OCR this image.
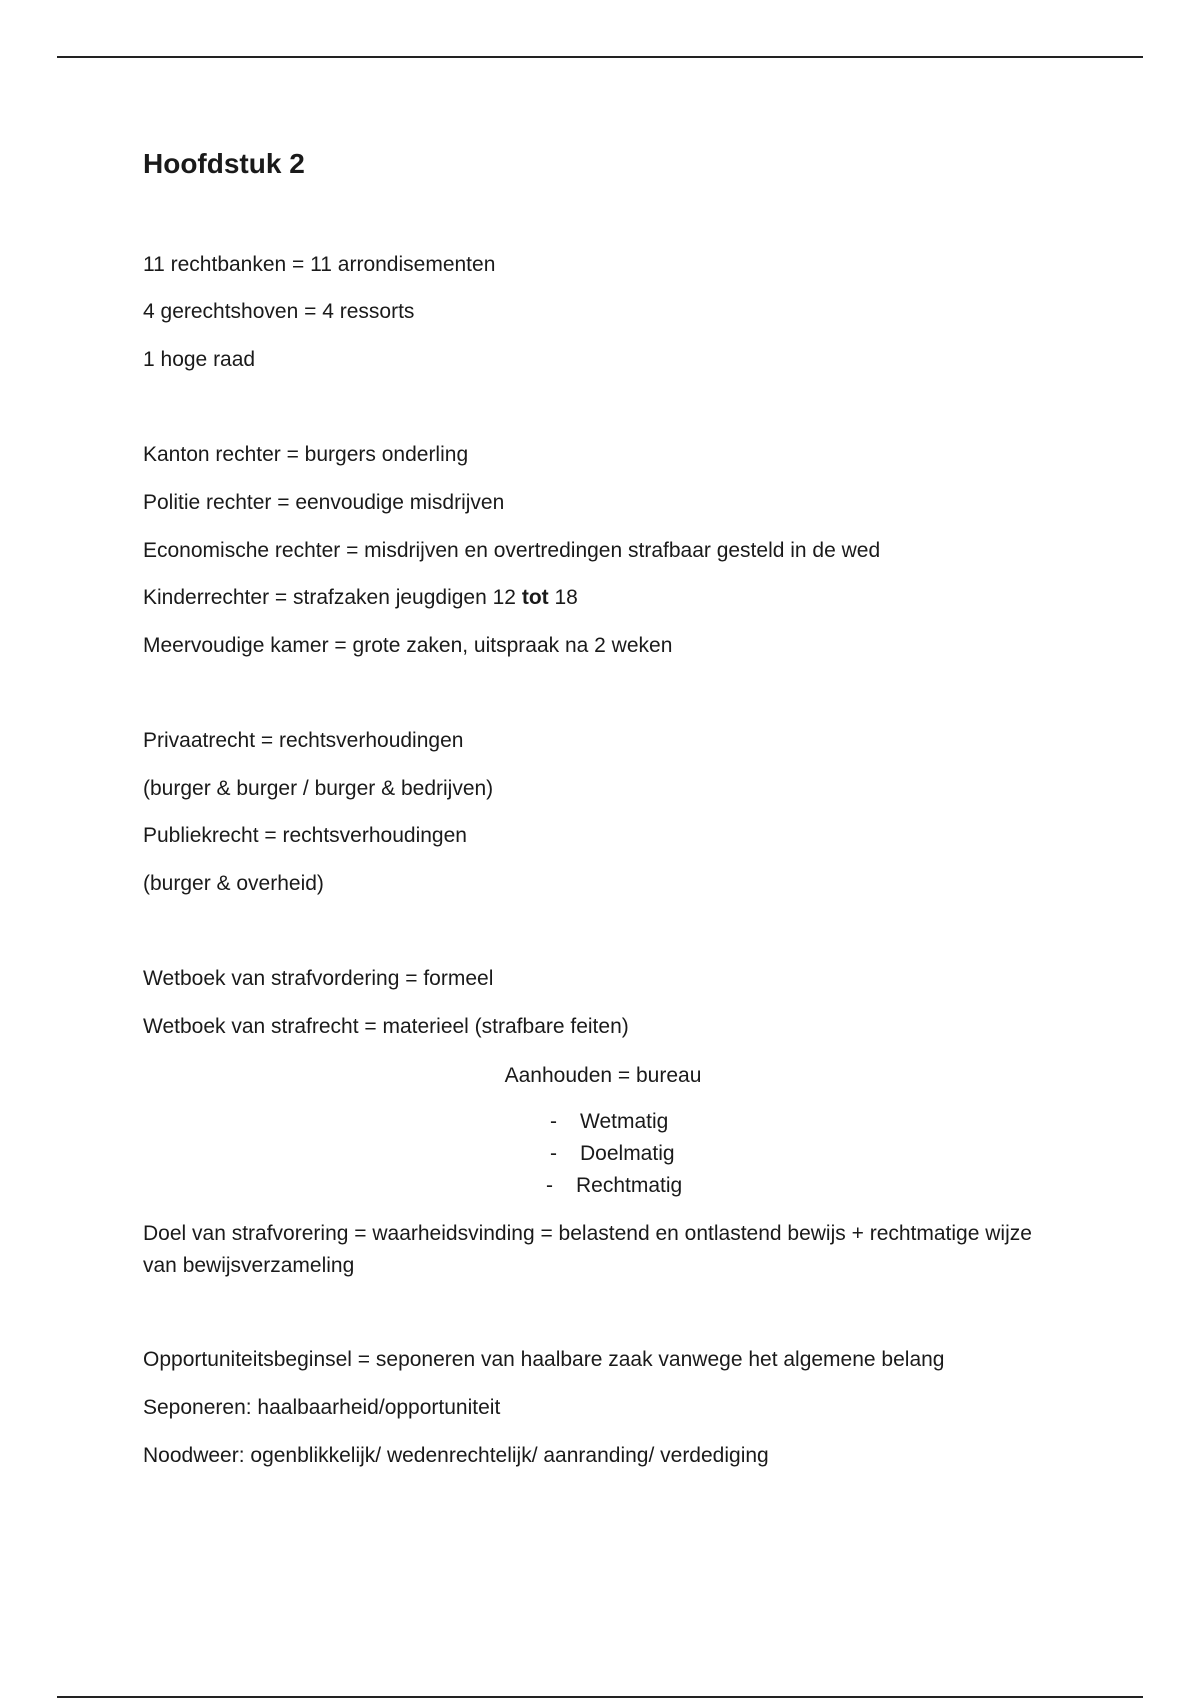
Hoofdstuk 2

11 rechtbanken = 11 arrondisementen

4 gerechtshoven = 4 ressorts

1 hoge raad

Kanton rechter = burgers onderling

Politie rechter = eenvoudige misdrijven

Economische rechter = misdrijven en overtredingen strafbaar gesteld in de wed

Kinderrechter = strafzaken jeugdigen 12 tot 18

Meervoudige kamer = grote zaken, uitspraak na 2 weken

Privaatrecht = rechtsverhoudingen

(burger & burger / burger & bedrijven)

Publiekrecht = rechtsverhoudingen

(burger & overheid)

Wetboek van strafvordering = formeel

Wetboek van strafrecht = materieel (strafbare feiten)

Aanhouden = bureau
- Wetmatig
- Doelmatig
- Rechtmatig

Doel van strafvorering = waarheidsvinding = belastend en ontlastend bewijs + rechtmatige wijze van bewijsverzameling

Opportuniteitsbeginsel = seponeren van haalbare zaak vanwege het algemene belang

Seponeren: haalbaarheid/opportuniteit

Noodweer: ogenblikkelijk/ wedenrechtelijk/ aanranding/ verdediging
